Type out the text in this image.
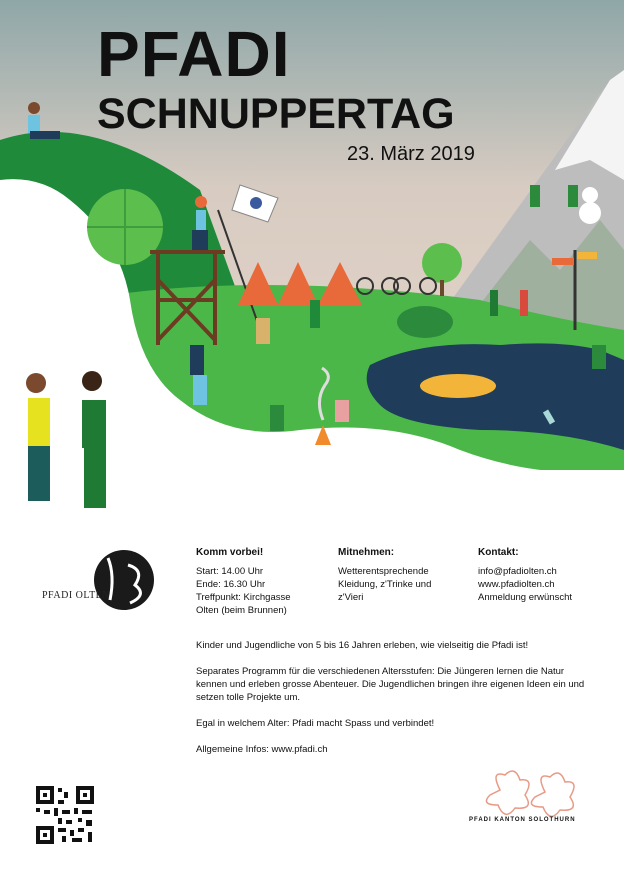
PFADI
SCHNUPPERTAG
23. März 2019
PFADI OLTEN
Komm vorbei!
Start: 14.00 Uhr
Ende: 16.30 Uhr
Treffpunkt: Kirchgasse
Olten (beim Brunnen)
Mitnehmen:
Wetterentsprechende
Kleidung, z'Trinke und
z'Vieri
Kontakt:
info@pfadiolten.ch
www.pfadiolten.ch
Anmeldung erwünscht

Kinder und Jugendliche von 5 bis 16 Jahren erleben, wie vielseitig die Pfadi ist!

Separates Programm für die verschiedenen Altersstufen: Die Jüngeren lernen die Natur kennen und erleben grosse Abenteuer. Die Jugendlichen bringen ihre eigenen Ideen ein und setzen tolle Projekte um.

Egal in welchem Alter: Pfadi macht Spass und verbindet!

Allgemeine Infos: www.pfadi.ch

PFADI KANTON SOLOTHURN
